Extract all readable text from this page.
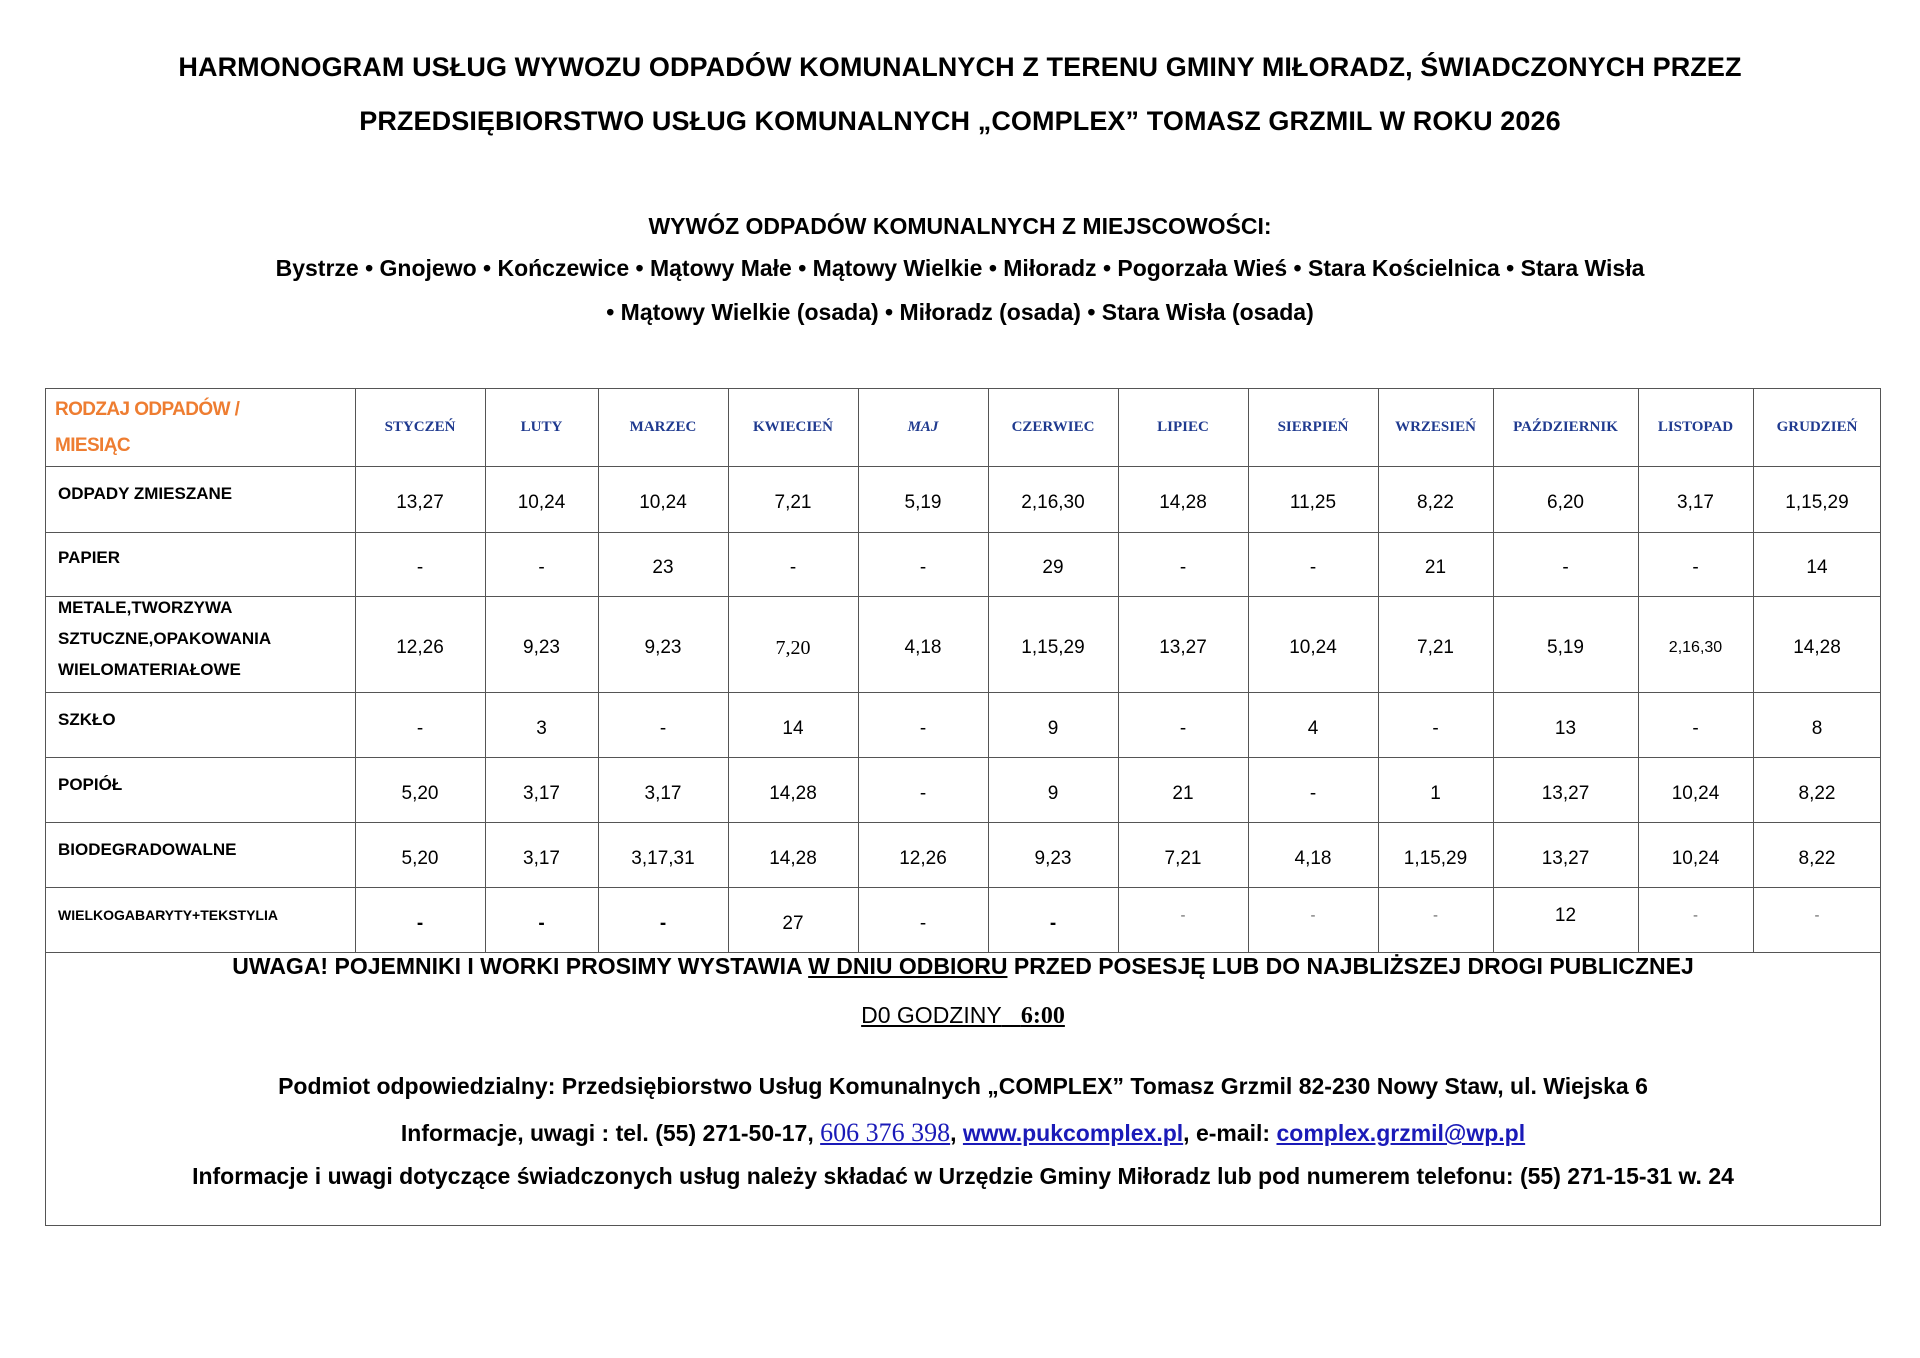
HARMONOGRAM USŁUG WYWOZU ODPADÓW KOMUNALNYCH Z TERENU GMINY MIŁORADZ, ŚWIADCZONYCH PRZEZ
PRZEDSIĘBIORSTWO USŁUG KOMUNALNYCH „COMPLEX” TOMASZ GRZMIL W ROKU 2026
WYWÓZ ODPADÓW KOMUNALNYCH Z MIEJSCOWOŚCI:
Bystrze • Gnojewo • Kończewice • Mątowy Małe • Mątowy Wielkie • Miłoradz • Pogorzała Wieś • Stara Kościelnica • Stara Wisła
• Mątowy Wielkie (osada) • Miłoradz (osada) • Stara Wisła (osada)
RODZAJ ODPADÓW /
MIESIĄC
STYCZEŃ	LUTY	MARZEC	KWIECIEŃ	MAJ	CZERWIEC	LIPIEC	SIERPIEŃ	WRZESIEŃ	PAŹDZIERNIK	LISTOPAD	GRUDZIEŃ
ODPADY ZMIESZANE	13,27	10,24	10,24	7,21	5,19	2,16,30	14,28	11,25	8,22	6,20	3,17	1,15,29
PAPIER	-	-	23	-	-	29	-	-	21	-	-	14
METALE,TWORZYWA
SZTUCZNE,OPAKOWANIA
WIELOMATERIAŁOWE
12,26	9,23	9,23	7,20	4,18	1,15,29	13,27	10,24	7,21	5,19	2,16,30	14,28
SZKŁO	-	3	-	14	-	9	-	4	-	13	-	8
POPIÓŁ	5,20	3,17	3,17	14,28	-	9	21	-	1	13,27	10,24	8,22
BIODEGRADOWALNE	5,20	3,17	3,17,31	14,28	12,26	9,23	7,21	4,18	1,15,29	13,27	10,24	8,22
WIELKOGABARYTY+TEKSTYLIA	-	-	-	27	-	-	-	-	-	12	-	-
UWAGA! POJEMNIKI I WORKI PROSIMY WYSTAWIA W DNIU ODBIORU PRZED POSESJĘ LUB DO NAJBLIŻSZEJ DROGI PUBLICZNEJ
D0 GODZINY 6:00
Podmiot odpowiedzialny: Przedsiębiorstwo Usług Komunalnych „COMPLEX” Tomasz Grzmil 82-230 Nowy Staw, ul. Wiejska 6
Informacje, uwagi : tel. (55) 271-50-17, 606 376 398, www.pukcomplex.pl, e-mail: complex.grzmil@wp.pl
Informacje i uwagi dotyczące świadczonych usług należy składać w Urzędzie Gminy Miłoradz lub pod numerem telefonu: (55) 271-15-31 w. 24
